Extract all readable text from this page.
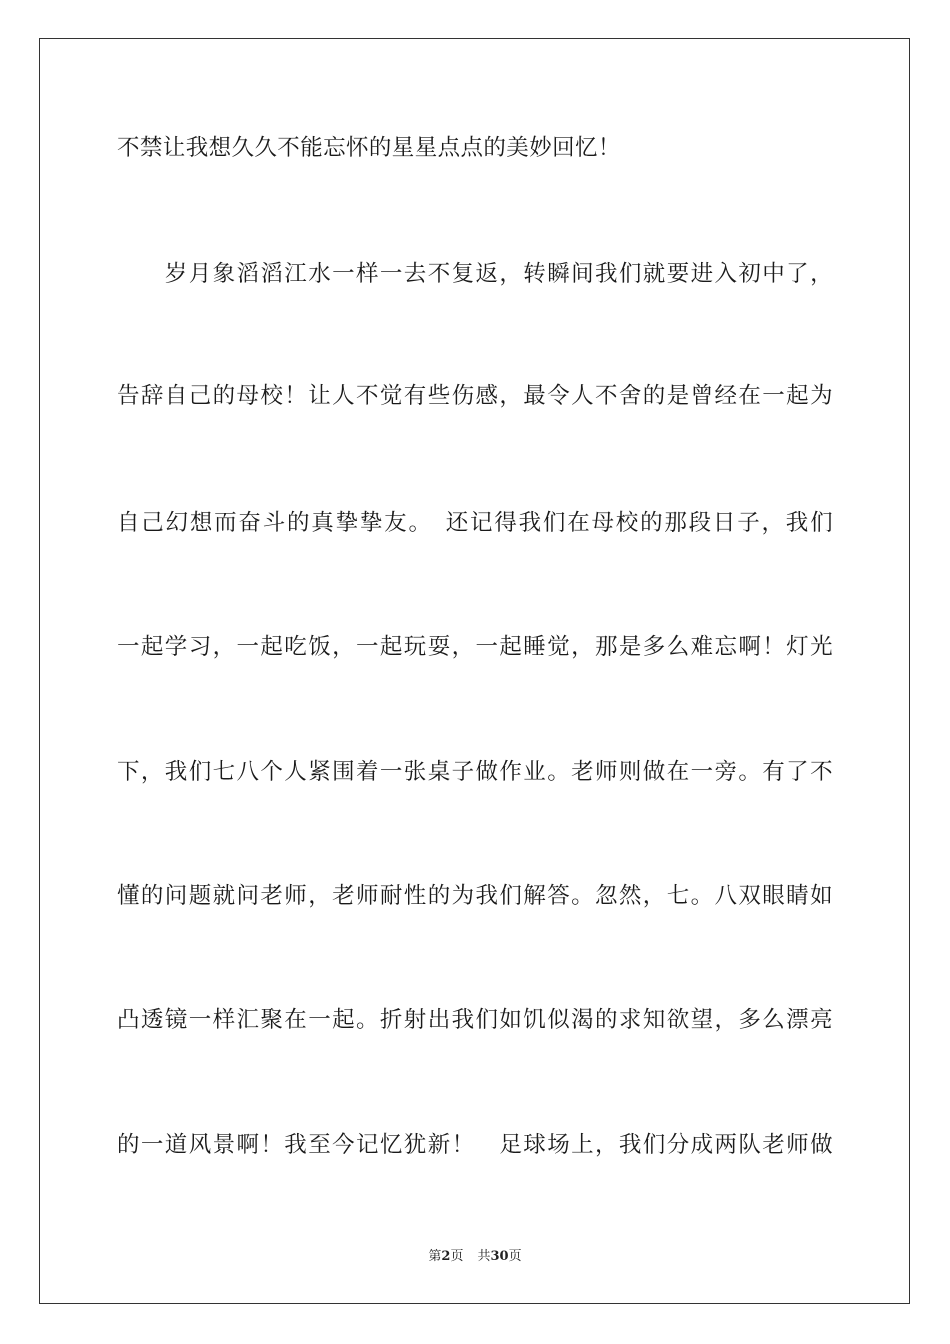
不禁让我想久久不能忘怀的星星点点的美妙回忆！
　　岁月象滔滔江水一样一去不复返，转瞬间我们就要进入初中了，
告辞自己的母校！让人不觉有些伤感，最令人不舍的是曾经在一起为
自己幻想而奋斗的真挚挚友。　还记得我们在母校的那段日子，我们
一起学习，一起吃饭，一起玩耍，一起睡觉，那是多么难忘啊！灯光
下，我们七八个人紧围着一张桌子做作业。老师则做在一旁。有了不
懂的问题就问老师，老师耐性的为我们解答。忽然，七。八双眼睛如
凸透镜一样汇聚在一起。折射出我们如饥似渴的求知欲望，多么漂亮
的一道风景啊！我至今记忆犹新！　足球场上，我们分成两队老师做
第2页 共30页
